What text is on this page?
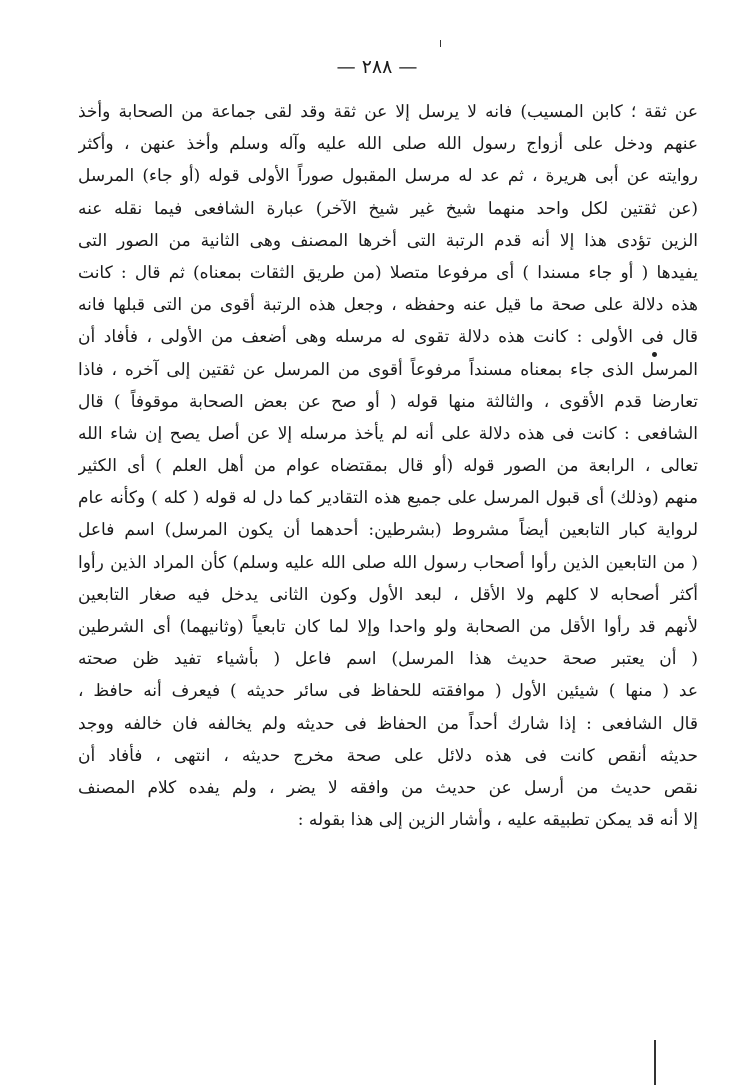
— ٢٨٨ —
عن ثقة ؛ كابن المسيب) فانه لا يرسل إلا عن ثقة وقد لقى جماعة من الصحابة وأخذ
عنهم ودخل على أزواج رسول الله صلى الله عليه وآله وسلم وأخذ عنهن ، وأكثر
روايته عن أبى هريرة ، ثم عد له مرسل المقبول صوراً الأولى قوله (أو جاء) المرسل
(عن ثقتين لكل واحد منهما شيخ غير شيخ الآخر) عبارة الشافعى فيما نقله عنه
الزين تؤدى هذا إلا أنه قدم الرتبة التى أخرها المصنف وهى الثانية من الصور التى
يفيدها ( أو جاء مسندا ) أى مرفوعا متصلا (من طريق الثقات بمعناه) ثم قال : كانت
هذه دلالة على صحة ما قيل عنه وحفظه ، وجعل هذه الرتبة أقوى من التى قبلها فانه
قال فى الأولى : كانت هذه دلالة تقوى له مرسله وهى أضعف من الأولى ، فأفاد أن
المرسل الذى جاء بمعناه مسنداً مرفوعاً أقوى من المرسل عن ثقتين إلى آخره ، فاذا
تعارضا قدم الأقوى ، والثالثة منها قوله ( أو صح عن بعض الصحابة موقوفاً ) قال
الشافعى : كانت فى هذه دلالة على أنه لم يأخذ مرسله إلا عن أصل يصح إن شاء الله
تعالى ، الرابعة من الصور قوله (أو قال بمقتضاه عوام من أهل العلم ) أى الكثير
منهم (وذلك) أى قبول المرسل على جميع هذه التقادير كما دل له قوله ( كله ) وكأنه عام
لرواية كبار التابعين أيضاً مشروط (بشرطين: أحدهما أن يكون المرسل) اسم فاعل
( من التابعين الذين رأوا أصحاب رسول الله صلى الله عليه وسلم) كأن المراد الذين رأوا
أكثر أصحابه لا كلهم ولا الأقل ، لبعد الأول وكون الثانى يدخل فيه صغار التابعين
لأنهم قد رأوا الأقل من الصحابة ولو واحدا وإلا لما كان تابعياً (وثانيهما) أى الشرطين
( أن يعتبر صحة حديث هذا المرسل) اسم فاعل ( بأشياء تفيد ظن صحته
عد ( منها ) شيئين الأول ( موافقته للحفاظ فى سائر حديثه ) فيعرف أنه حافظ ،
قال الشافعى : إذا شارك أحداً من الحفاظ فى حديثه ولم يخالفه فان خالفه ووجد
حديثه أنقص كانت فى هذه دلائل على صحة مخرج حديثه ، انتهى ، فأفاد أن
نقص حديث من أرسل عن حديث من وافقه لا يضر ، ولم يفده كلام المصنف
إلا أنه قد يمكن تطبيقه عليه ، وأشار الزين إلى هذا بقوله :
